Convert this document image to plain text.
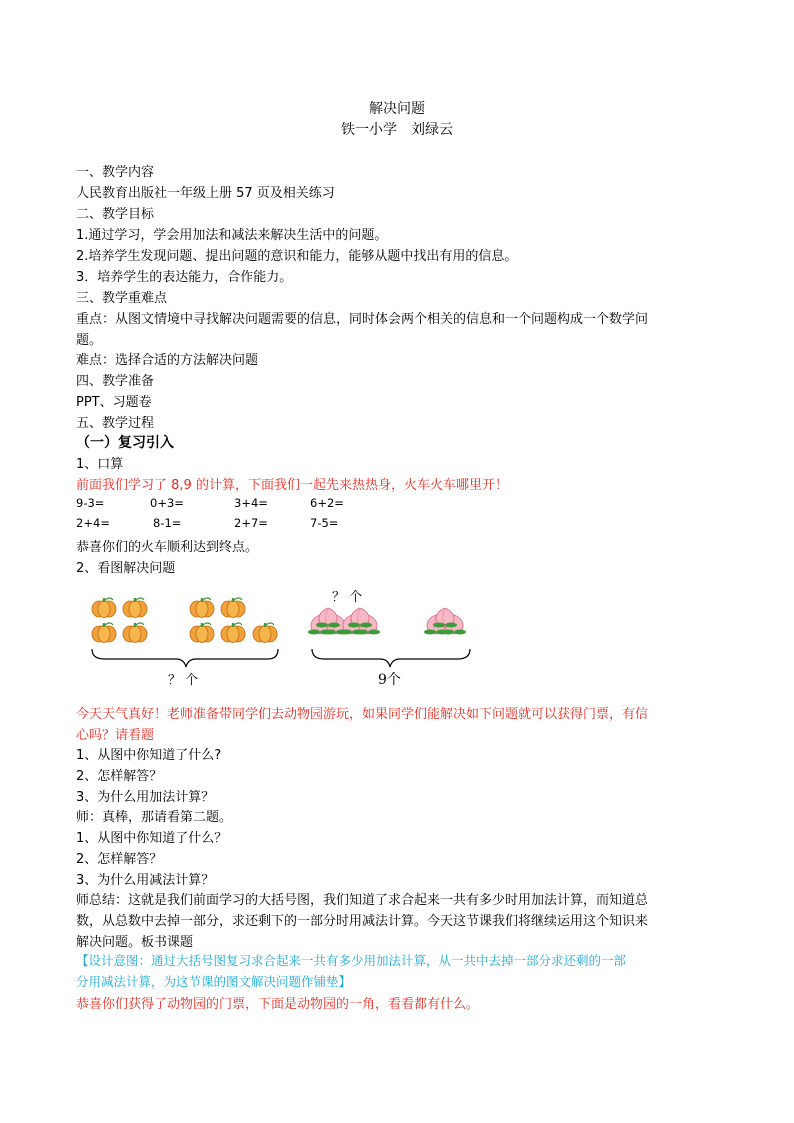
解决问题
铁一小学　刘绿云
一、教学内容
人民教育出版社一年级上册 57 页及相关练习
二、教学目标
1.通过学习，学会用加法和减法来解决生活中的问题。
2.培养学生发现问题、提出问题的意识和能力，能够从题中找出有用的信息。
3．培养学生的表达能力，合作能力。
三、教学重难点
重点：从图文情境中寻找解决问题需要的信息，同时体会两个相关的信息和一个问题构成一个数学问
题。
难点：选择合适的方法解决问题
四、教学准备
PPT、习题卷
五、教学过程
（一）复习引入
1、口算
前面我们学习了 8,9 的计算，下面我们一起先来热热身，火车火车哪里开！
9-3=	0+3=	3+4=	6+2=
2+4=	8-1=	2+7=	7-5=
恭喜你们的火车顺利达到终点。
2、看图解决问题
？ 个
？ 个
9个
今天天气真好！老师准备带同学们去动物园游玩，如果同学们能解决如下问题就可以获得门票，有信
心吗？请看题
1、从图中你知道了什么?
2、怎样解答？
3、为什么用加法计算？
师：真棒，那请看第二题。
1、从图中你知道了什么？
2、怎样解答？
3、为什么用减法计算？
师总结：这就是我们前面学习的大括号图，我们知道了求合起来一共有多少时用加法计算，而知道总
数，从总数中去掉一部分，求还剩下的一部分时用减法计算。今天这节课我们将继续运用这个知识来
解决问题。板书课题
【设计意图：通过大括号图复习求合起来一共有多少用加法计算，从一共中去掉一部分求还剩的一部
分用减法计算，为这节课的图文解决问题作铺垫】
恭喜你们获得了动物园的门票，下面是动物园的一角，看看都有什么。
